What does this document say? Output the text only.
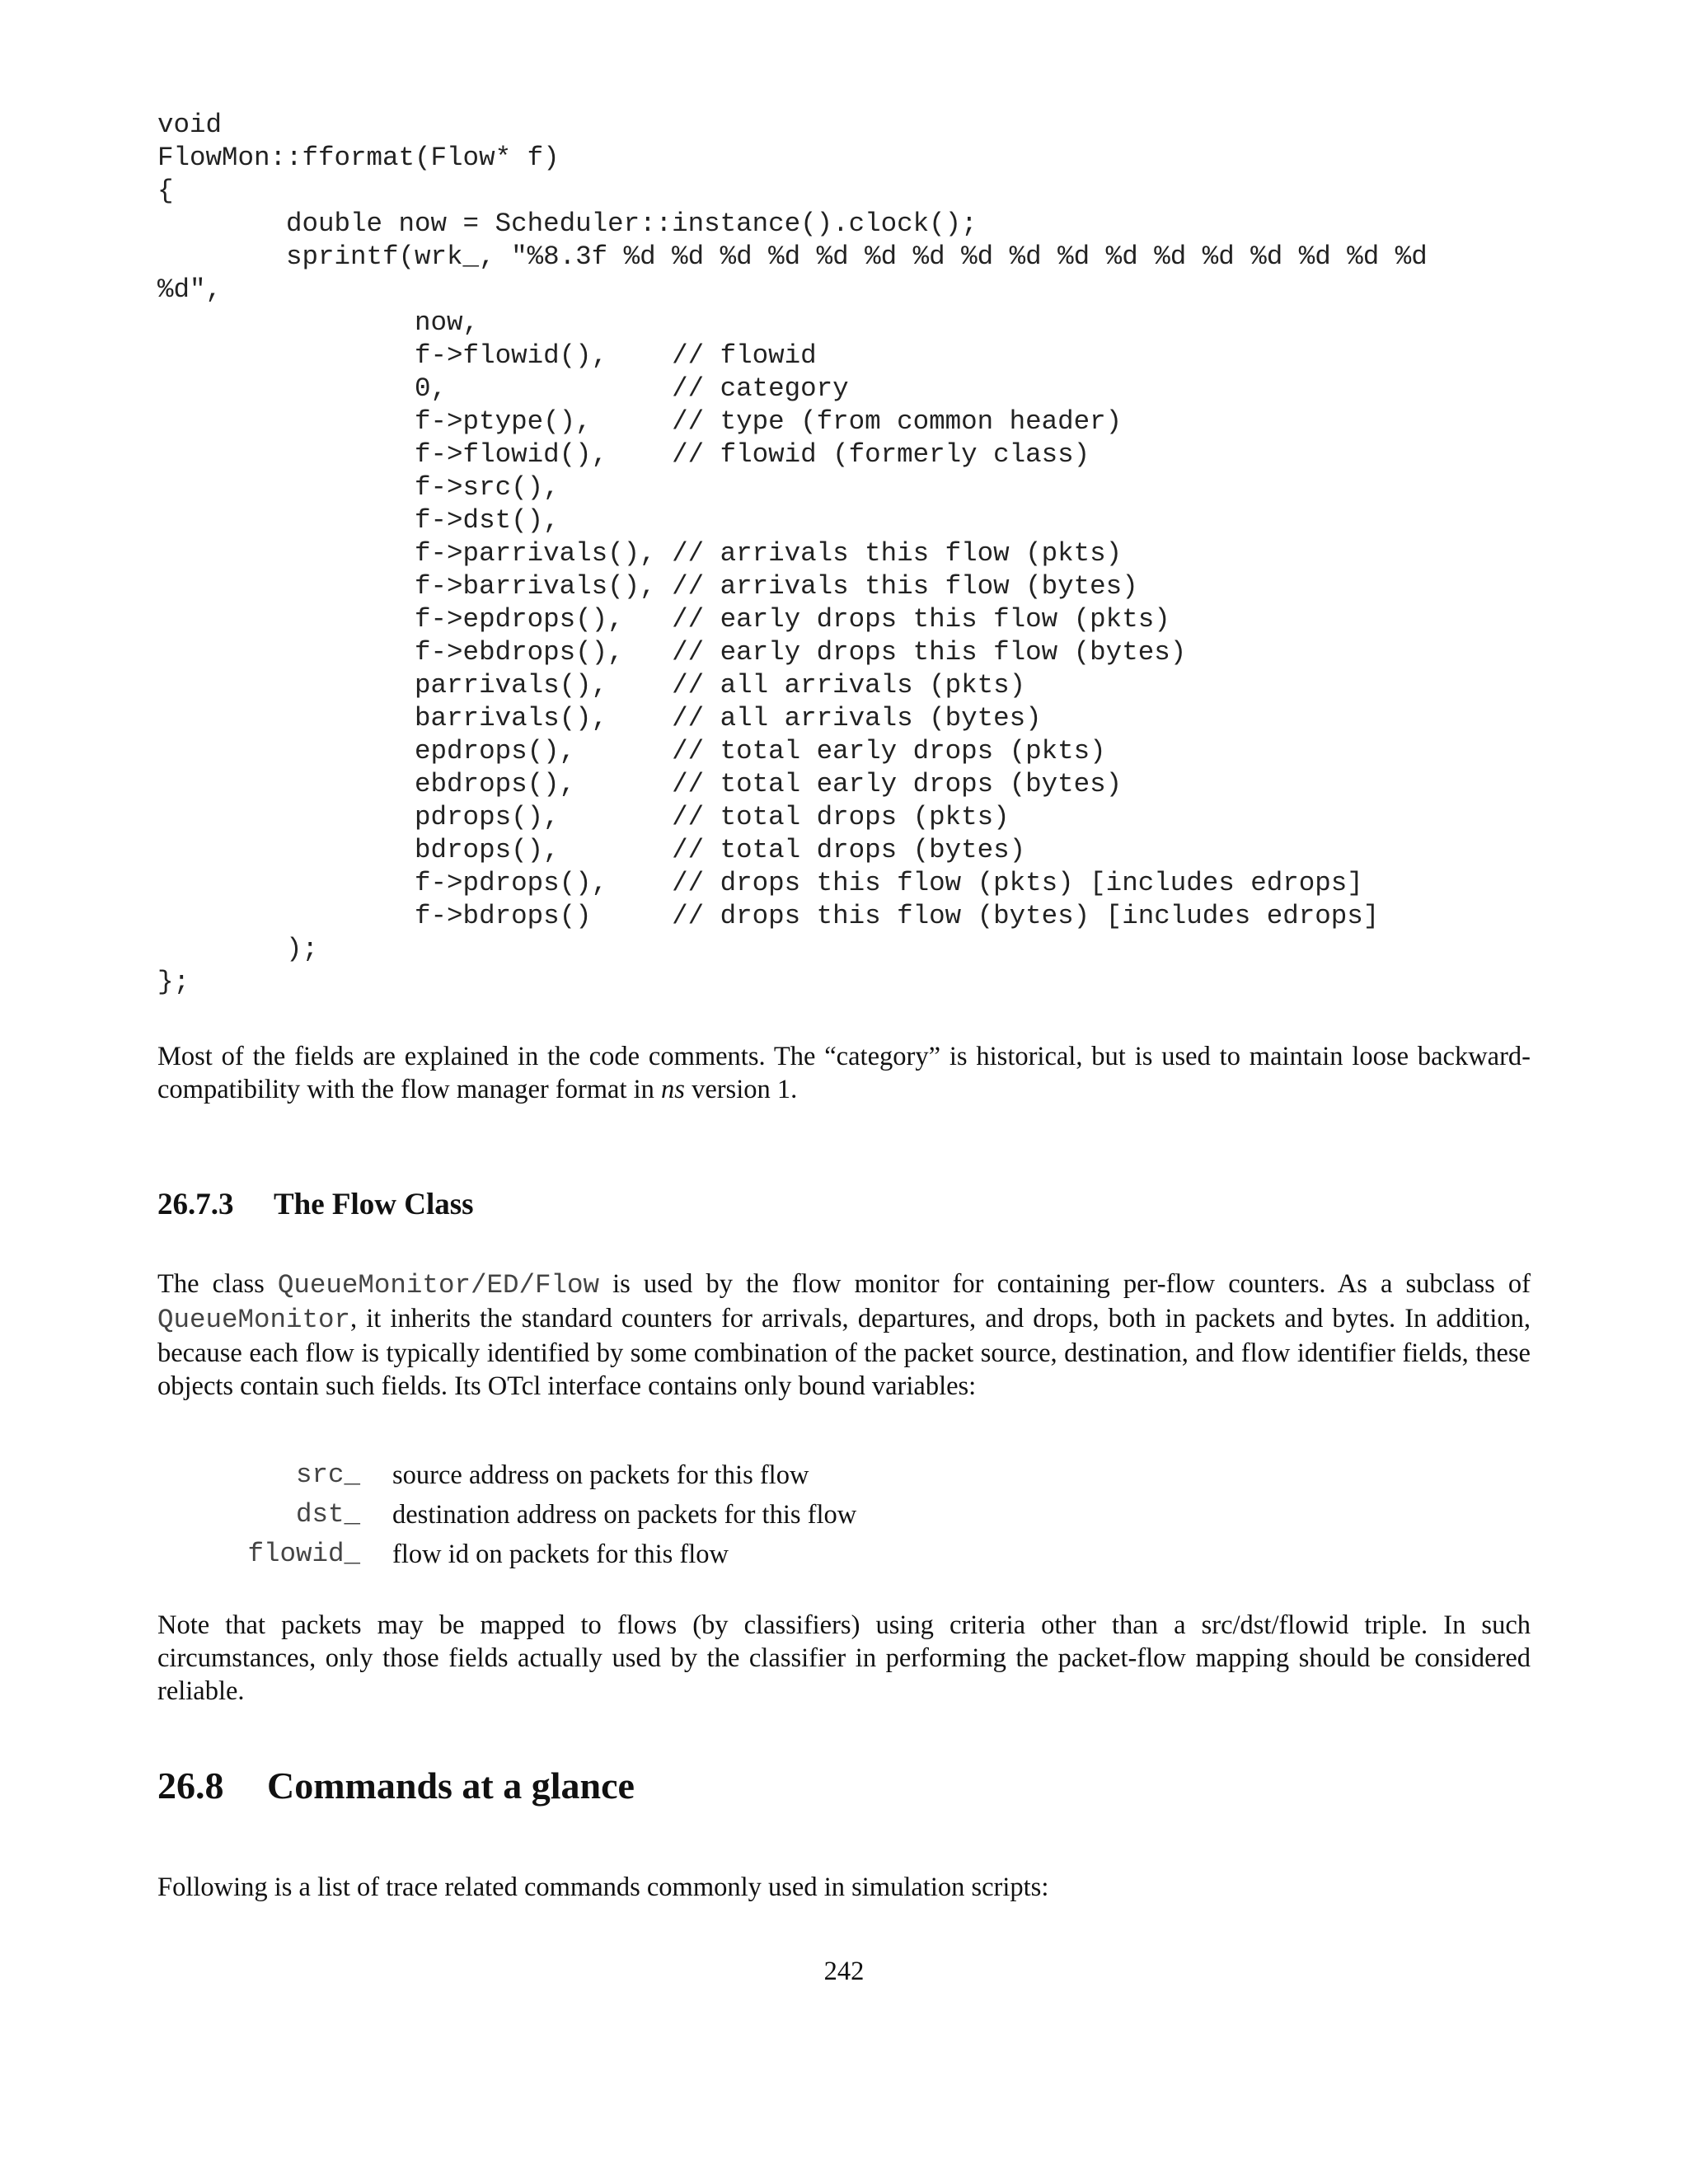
void
FlowMon::fformat(Flow* f)
{
double now = Scheduler::instance().clock();
sprintf(wrk_, "%8.3f %d %d %d %d %d %d %d %d %d %d %d %d %d %d %d %d %d
%d",
now,
f->flowid(),    // flowid
0,              // category
f->ptype(),     // type (from common header)
f->flowid(),    // flowid (formerly class)
f->src(),
f->dst(),
f->parrivals(), // arrivals this flow (pkts)
f->barrivals(), // arrivals this flow (bytes)
f->epdrops(),   // early drops this flow (pkts)
f->ebdrops(),   // early drops this flow (bytes)
parrivals(),    // all arrivals (pkts)
barrivals(),    // all arrivals (bytes)
epdrops(),      // total early drops (pkts)
ebdrops(),      // total early drops (bytes)
pdrops(),       // total drops (pkts)
bdrops(),       // total drops (bytes)
f->pdrops(),    // drops this flow (pkts) [includes edrops]
f->bdrops()     // drops this flow (bytes) [includes edrops]
);
};

Most of the fields are explained in the code comments. The “category” is historical, but is used to maintain loose backward-compatibility with the flow manager format in ns version 1.

26.7.3 The Flow Class

The class QueueMonitor/ED/Flow is used by the flow monitor for containing per-flow counters. As a subclass of QueueMonitor, it inherits the standard counters for arrivals, departures, and drops, both in packets and bytes. In addition, because each flow is typically identified by some combination of the packet source, destination, and flow identifier fields, these objects contain such fields. Its OTcl interface contains only bound variables:

src_ source address on packets for this flow
dst_ destination address on packets for this flow
flowid_ flow id on packets for this flow

Note that packets may be mapped to flows (by classifiers) using criteria other than a src/dst/flowid triple. In such circumstances, only those fields actually used by the classifier in performing the packet-flow mapping should be considered reliable.

26.8 Commands at a glance

Following is a list of trace related commands commonly used in simulation scripts:

242
